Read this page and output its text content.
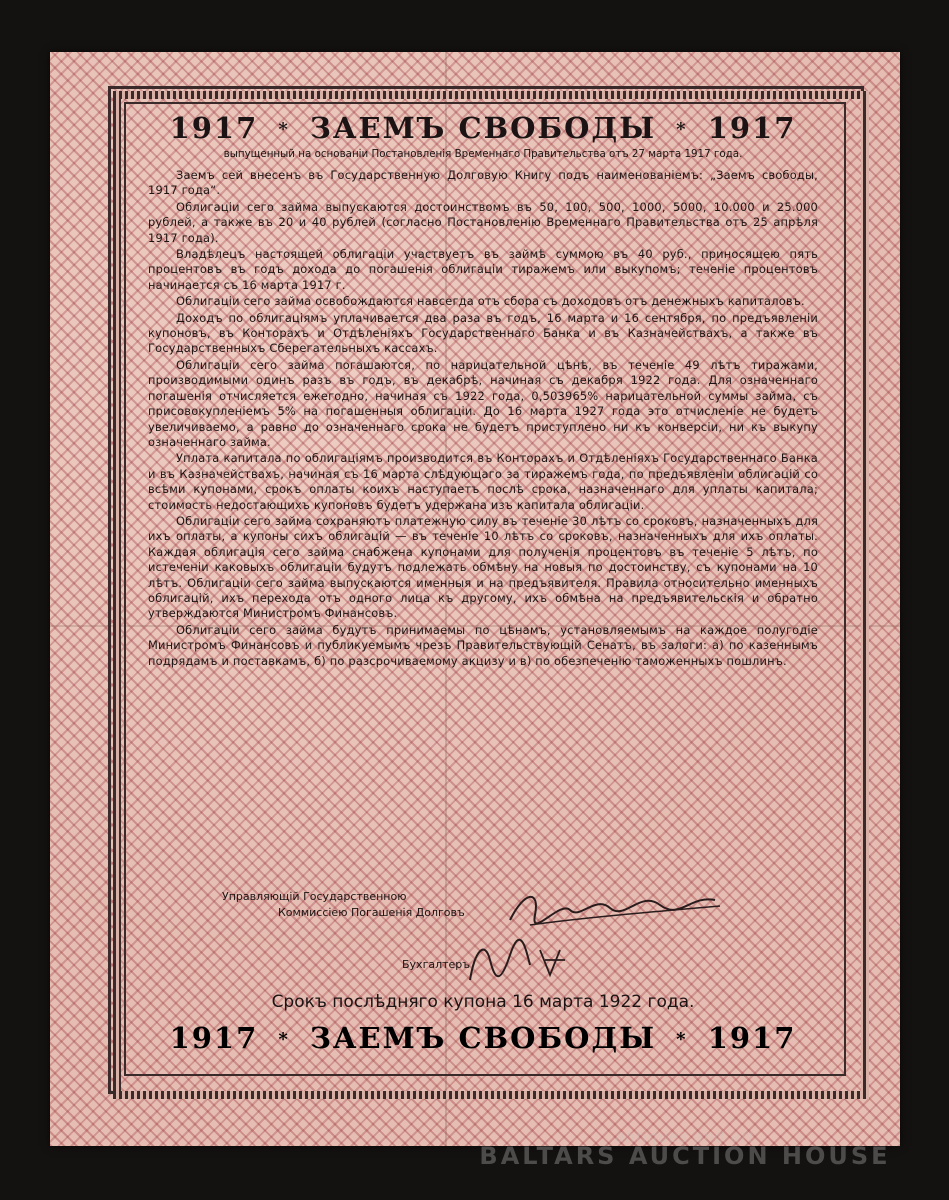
1917 * ЗАЕМЪ СВОБОДЫ * 1917
выпущенный на основаніи Постановленія Временнаго Правительства отъ 27 марта 1917 года.

Заемъ сей внесенъ въ Государственную Долговую Книгу подъ наименованіемъ: „Заемъ свободы, 1917 года“.

Облигаціи сего займа выпускаются достоинствомъ въ 50, 100, 500, 1000, 5000, 10.000 и 25.000 рублей, а также въ 20 и 40 рублей (согласно Постановленію Временнаго Правительства отъ 25 апрѣля 1917 года).

Владѣлецъ настоящей облигаціи участвуетъ въ займѣ суммою въ 40 руб., приносящею пять процентовъ въ годъ дохода до погашенія облигаціи тиражемъ или выкупомъ; теченіе процентовъ начинается съ 16 марта 1917 г.

Облигаціи сего займа освобождаются навсегда отъ сбора съ доходовъ отъ денежныхъ капиталовъ.

Доходъ по облигаціямъ уплачивается два раза въ годъ, 16 марта и 16 сентября, по предъявленіи купоновъ, въ Конторахъ и Отдѣленіяхъ Государственнаго Банка и въ Казначействахъ, а также въ Государственныхъ Сберегательныхъ кассахъ.

Облигаціи сего займа погашаются, по нарицательной цѣнѣ, въ теченіе 49 лѣтъ тиражами, производимыми одинъ разъ въ годъ, въ декабрѣ, начиная съ декабря 1922 года. Для означеннаго погашенія отчисляется ежегодно, начиная съ 1922 года, 0,503965% нарицательной суммы займа, съ присовокупленіемъ 5% на погашенныя облигаціи. До 16 марта 1927 года это отчисленіе не будетъ увеличиваемо, а равно до означеннаго срока не будетъ приступлено ни къ конверсіи, ни къ выкупу означеннаго займа.

Уплата капитала по облигаціямъ производится въ Конторахъ и Отдѣленіяхъ Государственнаго Банка и въ Казначействахъ, начиная съ 16 марта слѣдующаго за тиражемъ года, по предъявленіи облигацій со всѣми купонами, срокъ оплаты коихъ наступаетъ послѣ срока, назначеннаго для уплаты капитала; стоимость недостающихъ купоновъ будетъ удержана изъ капитала облигаціи.

Облигаціи сего займа сохраняютъ платежную силу въ теченіе 30 лѣтъ со сроковъ, назначенныхъ для ихъ оплаты, а купоны сихъ облигацій — въ теченіе 10 лѣтъ со сроковъ, назначенныхъ для ихъ оплаты. Каждая облигація сего займа снабжена купонами для полученія процентовъ въ теченіе 5 лѣтъ, по истеченіи каковыхъ облигаціи будутъ подлежать обмѣну на новыя по достоинству, съ купонами на 10 лѣтъ. Облигаціи сего займа выпускаются именныя и на предъявителя. Правила относительно именныхъ облигацій, ихъ перехода отъ одного лица къ другому, ихъ обмѣна на предъявительскія и обратно утверждаются Министромъ Финансовъ.

Облигаціи сего займа будутъ принимаемы по цѣнамъ, установляемымъ на каждое полугодіе Министромъ Финансовъ и публикуемымъ чрезъ Правительствующій Сенатъ, въ залоги: а) по казеннымъ подрядамъ и поставкамъ, б) по разсрочиваемому акцизу и в) по обезпеченію таможенныхъ пошлинъ.

Управляющій Государственною
Коммиссіею Погашенія Долговъ
Бухгалтеръ
Срокъ послѣдняго купона 16 марта 1922 года.
1917 * ЗАЕМЪ СВОБОДЫ * 1917
antiques and art
BALTARS AUCTION HOUSE
